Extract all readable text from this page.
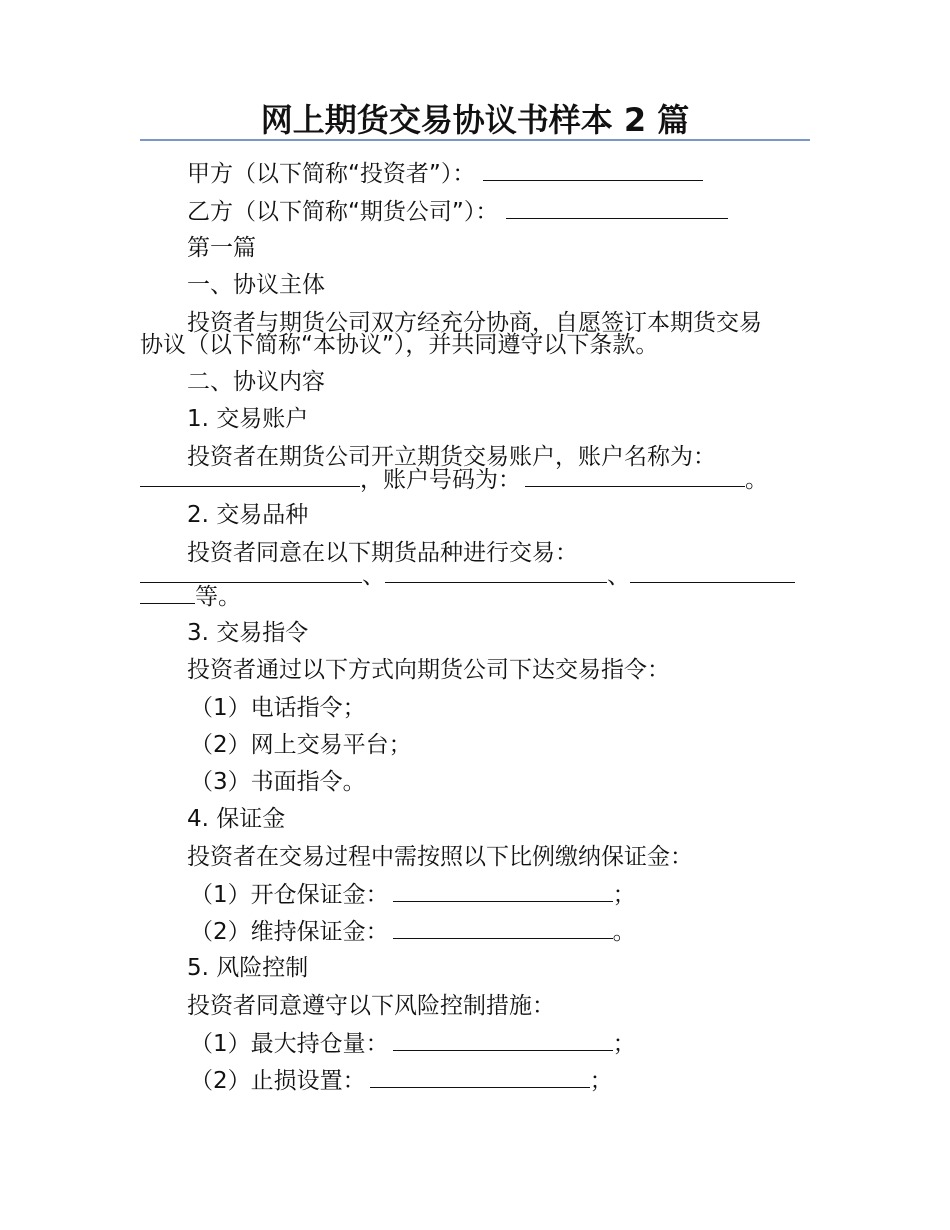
网上期货交易协议书样本 2 篇
甲方（以下简称“投资者”）：
乙方（以下简称“期货公司”）：
第一篇
一、协议主体
投资者与期货公司双方经充分协商，自愿签订本期货交易
协议（以下简称“本协议”），并共同遵守以下条款。
二、协议内容
1. 交易账户
投资者在期货公司开立期货交易账户，账户名称为：
，账户号码为：	。
2. 交易品种
投资者同意在以下期货品种进行交易：
、	、
等。
3. 交易指令
投资者通过以下方式向期货公司下达交易指令：
（1）电话指令；
（2）网上交易平台；
（3）书面指令。
4. 保证金
投资者在交易过程中需按照以下比例缴纳保证金：
（1）开仓保证金：	；
（2）维持保证金：	。
5. 风险控制
投资者同意遵守以下风险控制措施：
（1）最大持仓量：	；
（2）止损设置：	；
